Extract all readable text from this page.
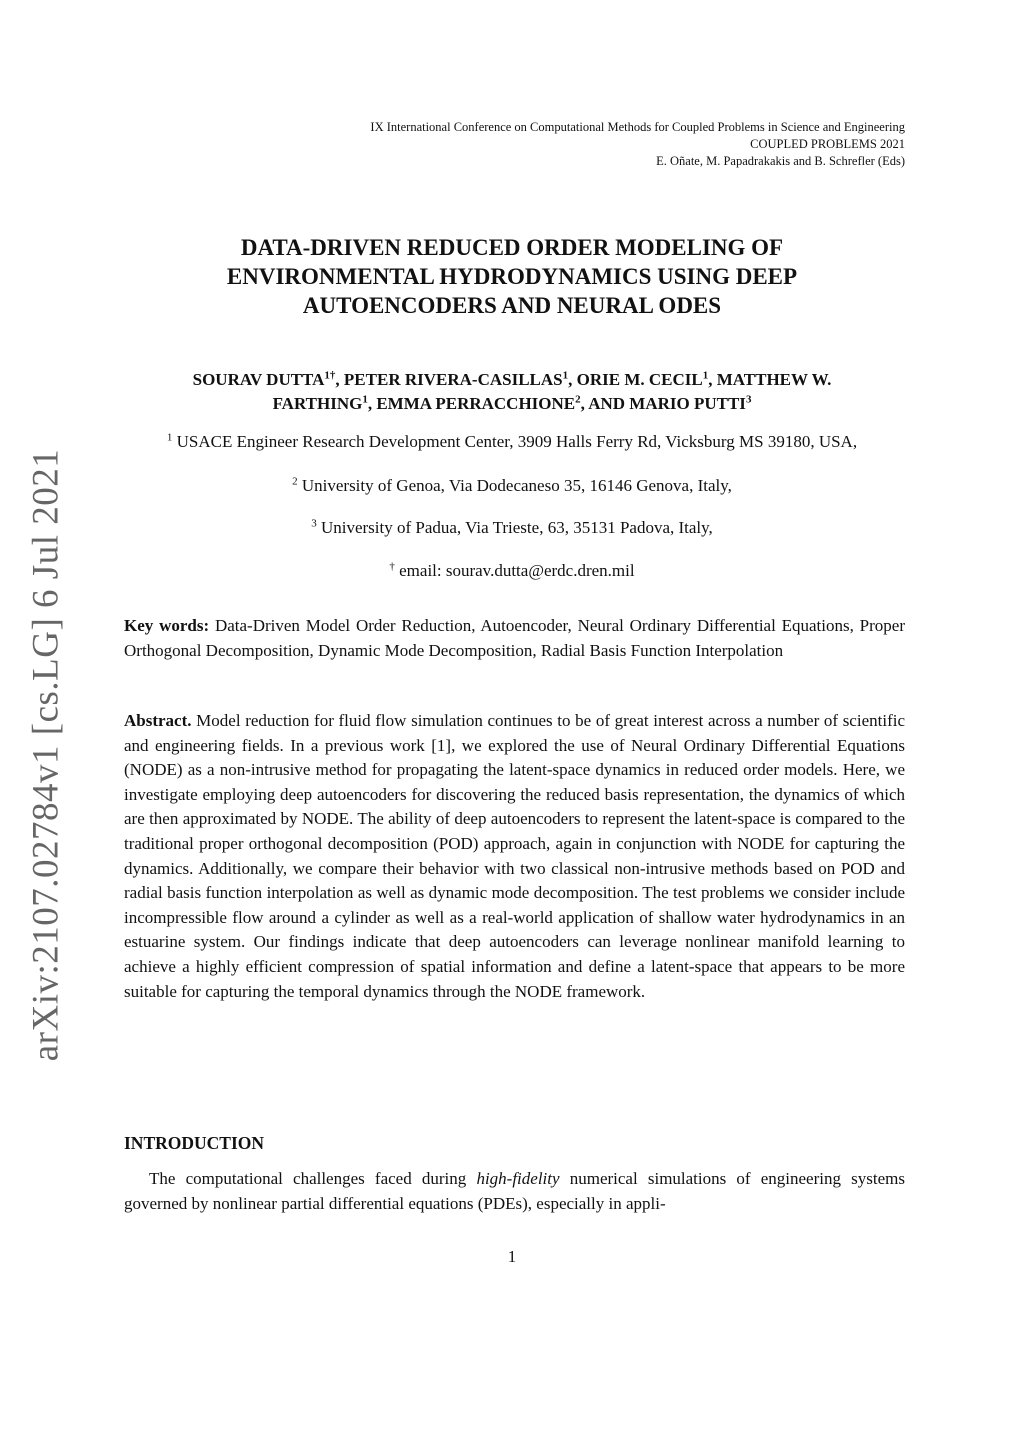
IX International Conference on Computational Methods for Coupled Problems in Science and Engineering
COUPLED PROBLEMS 2021
E. Oñate, M. Papadrakakis and B. Schrefler (Eds)
arXiv:2107.02784v1 [cs.LG] 6 Jul 2021
DATA-DRIVEN REDUCED ORDER MODELING OF
ENVIRONMENTAL HYDRODYNAMICS USING DEEP
AUTOENCODERS AND NEURAL ODES
SOURAV $DUTTA^{1\dagger}$, PETER RIVERA-CASILLAS$^1$, ORIE M. CECIL$^1$, MATTHEW W.
FARTHING$^1$, EMMA PERRACCHIONE$^2$, AND MARIO PUTTI$^3$
$^1$ USACE Engineer Research Development Center, 3909 Halls Ferry Rd, Vicksburg MS 39180, USA,
$^2$ University of Genoa, Via Dodecaneso 35, 16146 Genova, Italy,
$^3$ University of Padua, Via Trieste, 63, 35131 Padova, Italy,
† email: sourav.dutta@erdc.dren.mil
Key words: Data-Driven Model Order Reduction, Autoencoder, Neural Ordinary Differential Equations, Proper Orthogonal Decomposition, Dynamic Mode Decomposition, Radial Basis Function Interpolation
Abstract. Model reduction for fluid flow simulation continues to be of great interest across a number of scientific and engineering fields. In a previous work [1], we explored the use of Neural Ordinary Differential Equations (NODE) as a non-intrusive method for propagating the latent-space dynamics in reduced order models. Here, we investigate employing deep autoencoders for discovering the reduced basis representation, the dynamics of which are then approximated by NODE. The ability of deep autoencoders to represent the latent-space is compared to the traditional proper orthogonal decomposition (POD) approach, again in conjunction with NODE for capturing the dynamics. Additionally, we compare their behavior with two classical non-intrusive methods based on POD and radial basis function interpolation as well as dynamic mode decomposition. The test problems we consider include incompressible flow around a cylinder as well as a real-world application of shallow water hydrodynamics in an estuarine system. Our findings indicate that deep autoencoders can leverage nonlinear manifold learning to achieve a highly efficient compression of spatial information and define a latent-space that appears to be more suitable for capturing the temporal dynamics through the NODE framework.
INTRODUCTION
The computational challenges faced during high-fidelity numerical simulations of engineering systems governed by nonlinear partial differential equations (PDEs), especially in appli-
1
